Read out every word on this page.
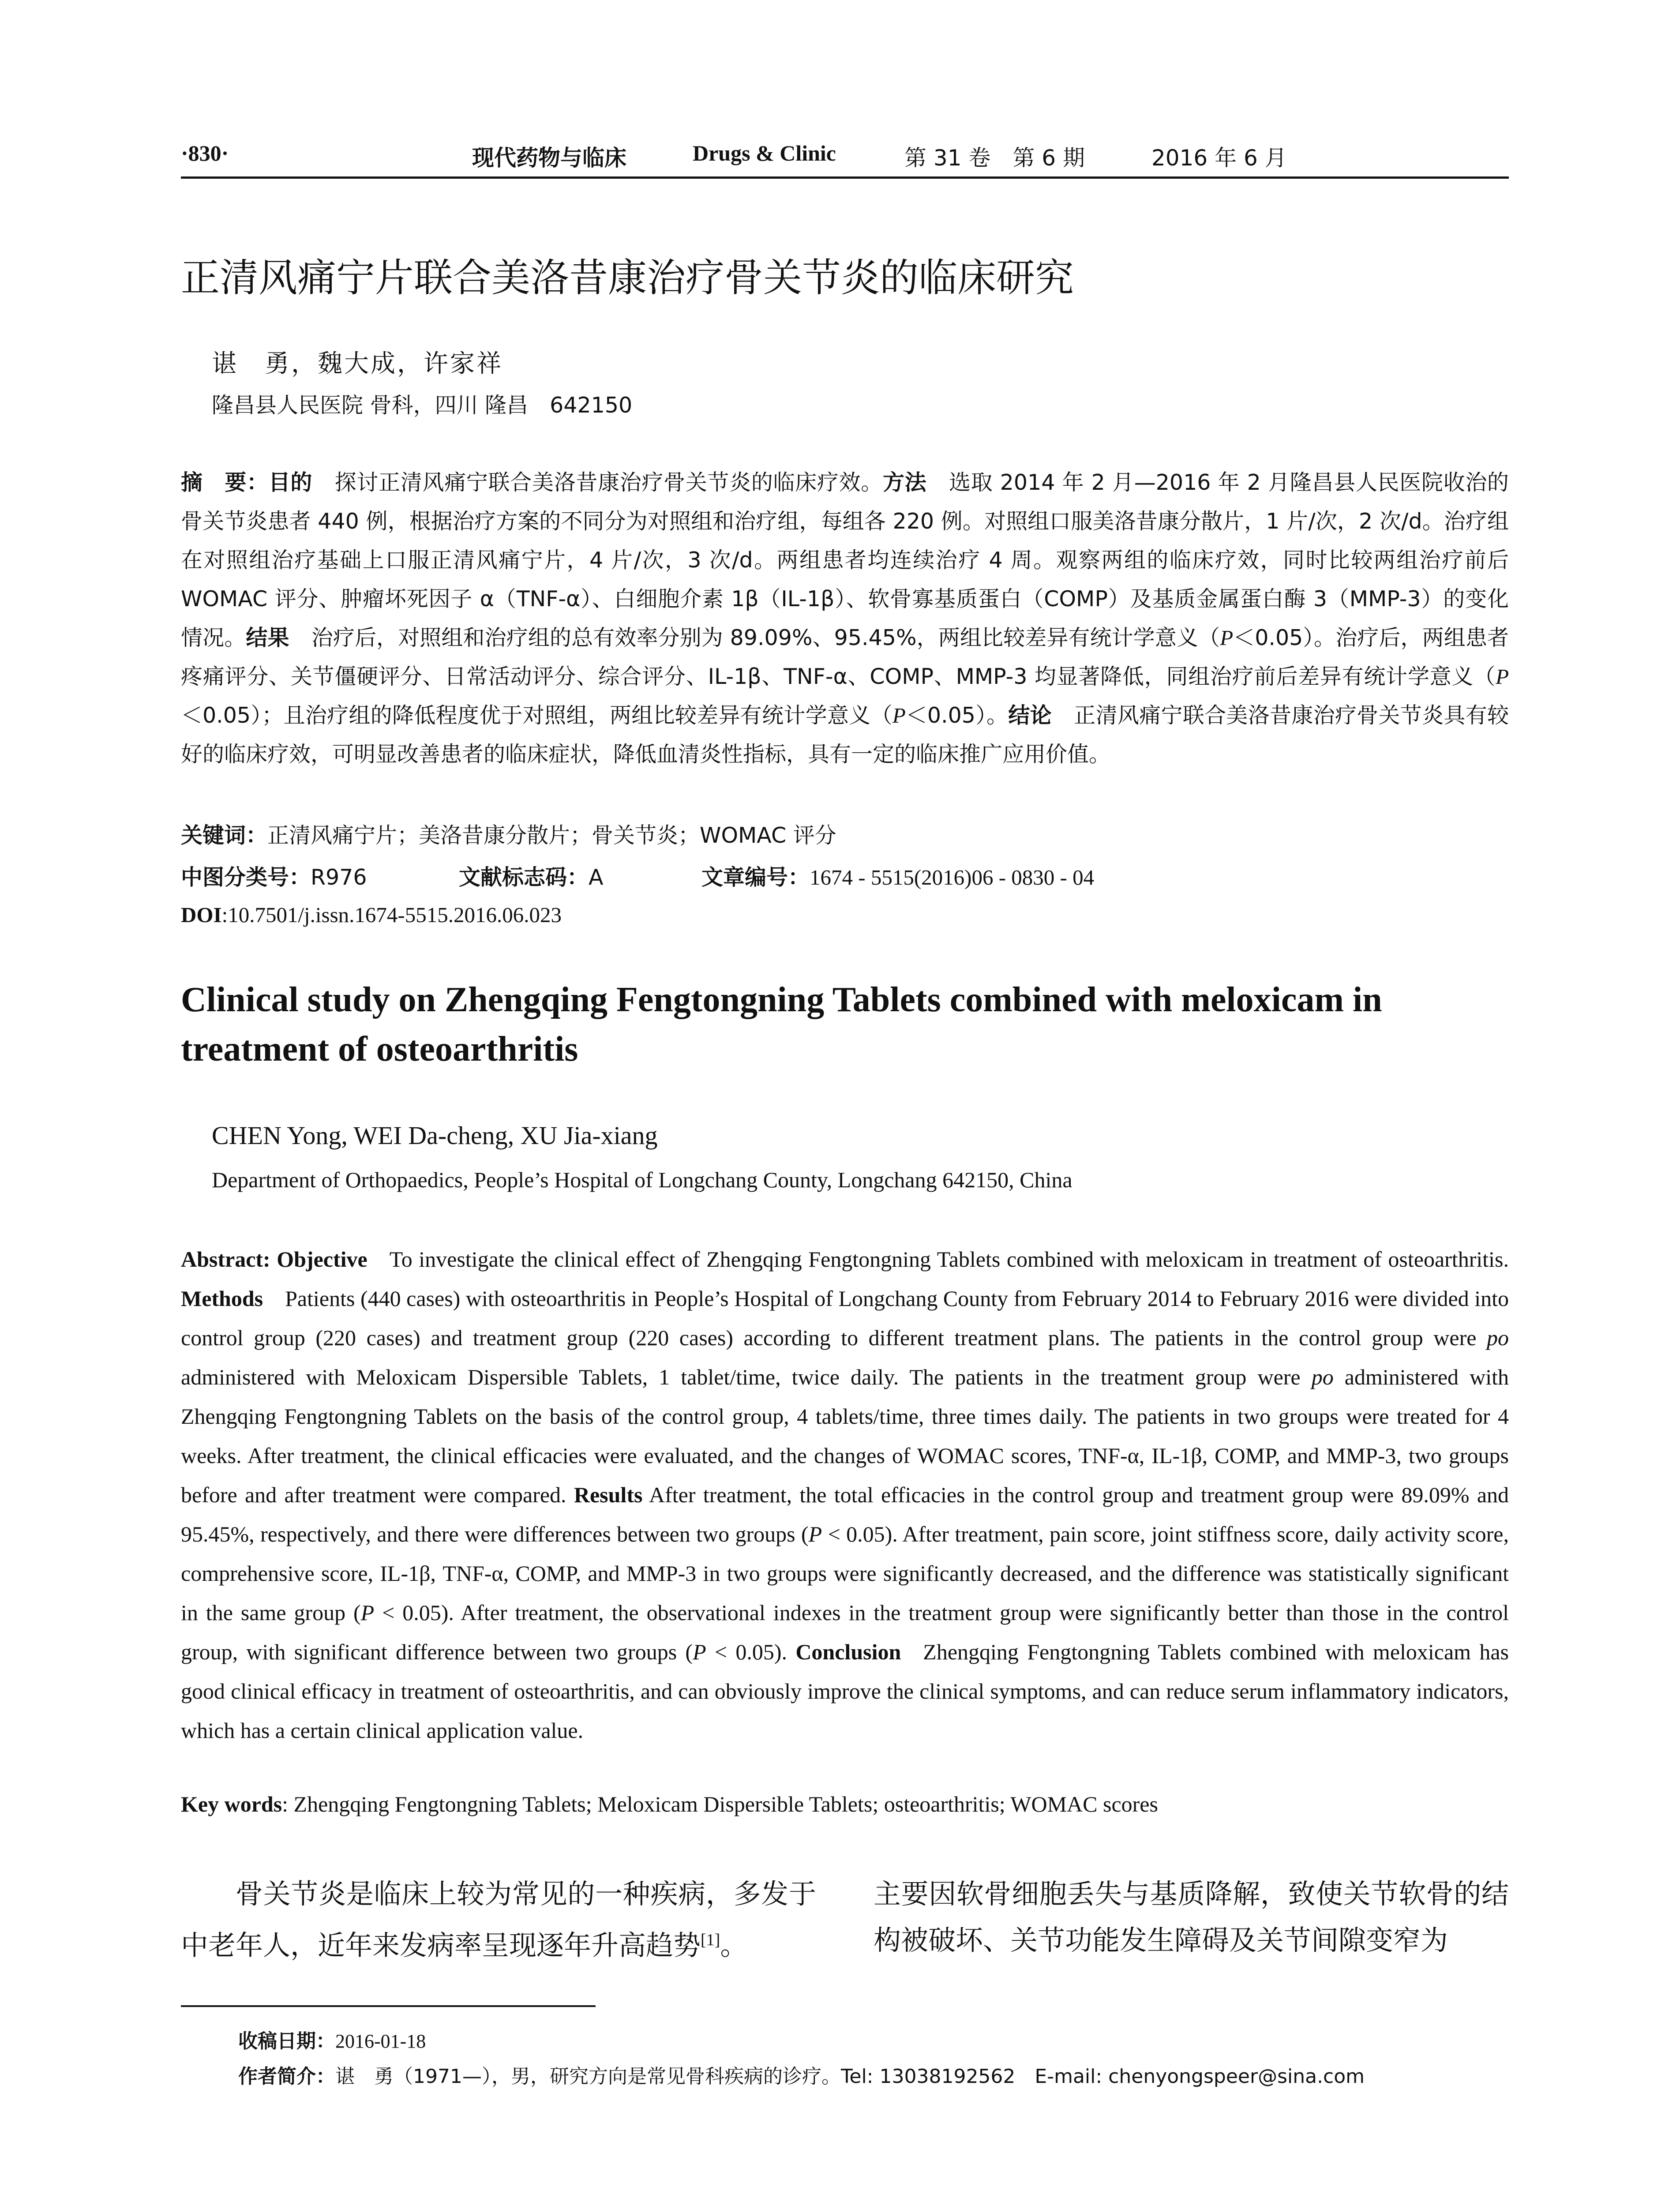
·830·	现代药物与临床	Drugs & Clinic	第 31 卷　第 6 期	2016 年 6 月
正清风痛宁片联合美洛昔康治疗骨关节炎的临床研究
谌　勇，魏大成，许家祥
隆昌县人民医院 骨科，四川 隆昌　642150
摘　要：目的 探讨正清风痛宁联合美洛昔康治疗骨关节炎的临床疗效。方法 选取 2014 年 2 月—2016 年 2 月隆昌县人民医院收治的骨关节炎患者 440 例，根据治疗方案的不同分为对照组和治疗组，每组各 220 例。对照组口服美洛昔康分散片，1 片/次，2 次/d。治疗组在对照组治疗基础上口服正清风痛宁片，4 片/次，3 次/d。两组患者均连续治疗 4 周。观察两组的临床疗效，同时比较两组治疗前后 WOMAC 评分、肿瘤坏死因子 α（TNF-α）、白细胞介素 1β（IL-1β）、软骨寡基质蛋白（COMP）及基质金属蛋白酶 3（MMP-3）的变化情况。结果 治疗后，对照组和治疗组的总有效率分别为 89.09%、95.45%，两组比较差异有统计学意义（P＜0.05）。治疗后，两组患者疼痛评分、关节僵硬评分、日常活动评分、综合评分、IL-1β、TNF-α、COMP、MMP-3 均显著降低，同组治疗前后差异有统计学意义（P＜0.05）；且治疗组的降低程度优于对照组，两组比较差异有统计学意义（P＜0.05）。结论 正清风痛宁联合美洛昔康治疗骨关节炎具有较好的临床疗效，可明显改善患者的临床症状，降低血清炎性指标，具有一定的临床推广应用价值。
关键词：正清风痛宁片；美洛昔康分散片；骨关节炎；WOMAC 评分
中图分类号：R976	文献标志码：A	文章编号：1674 - 5515(2016)06 - 0830 - 04
DOI:10.7501/j.issn.1674-5515.2016.06.023
Clinical study on Zhengqing Fengtongning Tablets combined with meloxicam in treatment of osteoarthritis
CHEN Yong, WEI Da-cheng, XU Jia-xiang
Department of Orthopaedics, People’s Hospital of Longchang County, Longchang 642150, China
Abstract: Objective To investigate the clinical effect of Zhengqing Fengtongning Tablets combined with meloxicam in treatment of osteoarthritis. Methods Patients (440 cases) with osteoarthritis in People’s Hospital of Longchang County from February 2014 to February 2016 were divided into control group (220 cases) and treatment group (220 cases) according to different treatment plans. The patients in the control group were po administered with Meloxicam Dispersible Tablets, 1 tablet/time, twice daily. The patients in the treatment group were po administered with Zhengqing Fengtongning Tablets on the basis of the control group, 4 tablets/time, three times daily. The patients in two groups were treated for 4 weeks. After treatment, the clinical efficacies were evaluated, and the changes of WOMAC scores, TNF-α, IL-1β, COMP, and MMP-3, two groups before and after treatment were compared. Results After treatment, the total efficacies in the control group and treatment group were 89.09% and 95.45%, respectively, and there were differences between two groups (P < 0.05). After treatment, pain score, joint stiffness score, daily activity score, comprehensive score, IL-1β, TNF-α, COMP, and MMP-3 in two groups were significantly decreased, and the difference was statistically significant in the same group (P < 0.05). After treatment, the observational indexes in the treatment group were significantly better than those in the control group, with significant difference between two groups (P < 0.05). Conclusion Zhengqing Fengtongning Tablets combined with meloxicam has good clinical efficacy in treatment of osteoarthritis, and can obviously improve the clinical symptoms, and can reduce serum inflammatory indicators, which has a certain clinical application value.
Key words: Zhengqing Fengtongning Tablets; Meloxicam Dispersible Tablets; osteoarthritis; WOMAC scores
骨关节炎是临床上较为常见的一种疾病，多发于中老年人，近年来发病率呈现逐年升高趋势[1]。
主要因软骨细胞丢失与基质降解，致使关节软骨的结构被破坏、关节功能发生障碍及关节间隙变窄为
收稿日期：2016-01-18
作者简介：谌　勇（1971—），男，研究方向是常见骨科疾病的诊疗。Tel: 13038192562　E-mail: chenyongspeer@sina.com
